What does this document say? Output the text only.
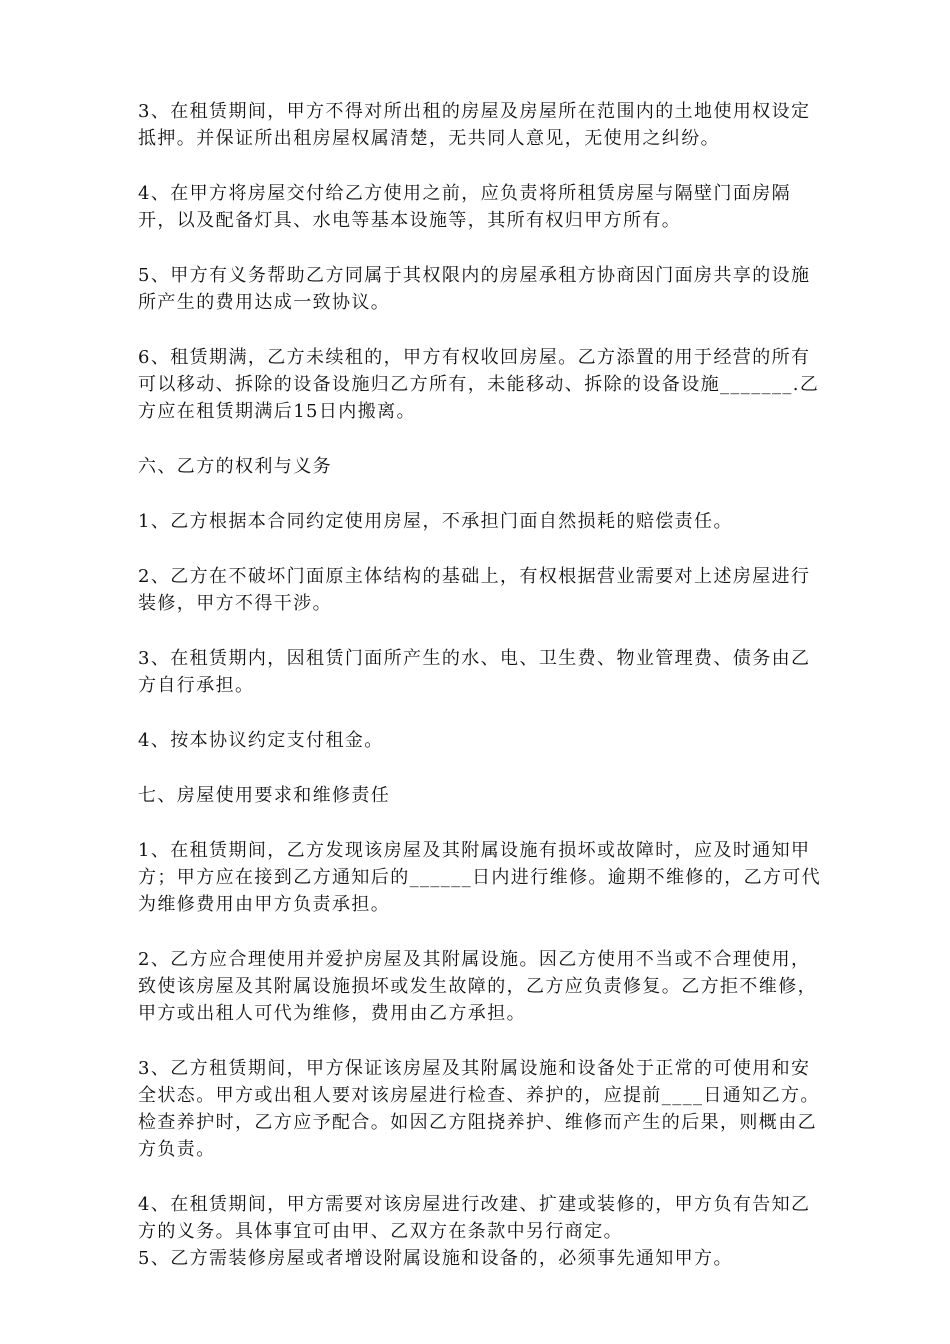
3、在租赁期间，甲方不得对所出租的房屋及房屋所在范围内的土地使用权设定抵押。并保证所出租房屋权属清楚，无共同人意见，无使用之纠纷。

4、在甲方将房屋交付给乙方使用之前，应负责将所租赁房屋与隔壁门面房隔开，以及配备灯具、水电等基本设施等，其所有权归甲方所有。

5、甲方有义务帮助乙方同属于其权限内的房屋承租方协商因门面房共享的设施所产生的费用达成一致协议。

6、租赁期满，乙方未续租的，甲方有权收回房屋。乙方添置的用于经营的所有可以移动、拆除的设备设施归乙方所有，未能移动、拆除的设备设施_______.乙方应在租赁期满后15日内搬离。

六、乙方的权利与义务

1、乙方根据本合同约定使用房屋，不承担门面自然损耗的赔偿责任。

2、乙方在不破坏门面原主体结构的基础上，有权根据营业需要对上述房屋进行装修，甲方不得干涉。

3、在租赁期内，因租赁门面所产生的水、电、卫生费、物业管理费、债务由乙方自行承担。

4、按本协议约定支付租金。

七、房屋使用要求和维修责任

1、在租赁期间，乙方发现该房屋及其附属设施有损坏或故障时，应及时通知甲方；甲方应在接到乙方通知后的______日内进行维修。逾期不维修的，乙方可代为维修费用由甲方负责承担。

2、乙方应合理使用并爱护房屋及其附属设施。因乙方使用不当或不合理使用，致使该房屋及其附属设施损坏或发生故障的，乙方应负责修复。乙方拒不维修，甲方或出租人可代为维修，费用由乙方承担。

3、乙方租赁期间，甲方保证该房屋及其附属设施和设备处于正常的可使用和安全状态。甲方或出租人要对该房屋进行检查、养护的，应提前____日通知乙方。检查养护时，乙方应予配合。如因乙方阻挠养护、维修而产生的后果，则概由乙方负责。

4、在租赁期间，甲方需要对该房屋进行改建、扩建或装修的，甲方负有告知乙方的义务。具体事宜可由甲、乙双方在条款中另行商定。

5、乙方需装修房屋或者增设附属设施和设备的，必须事先通知甲方。
